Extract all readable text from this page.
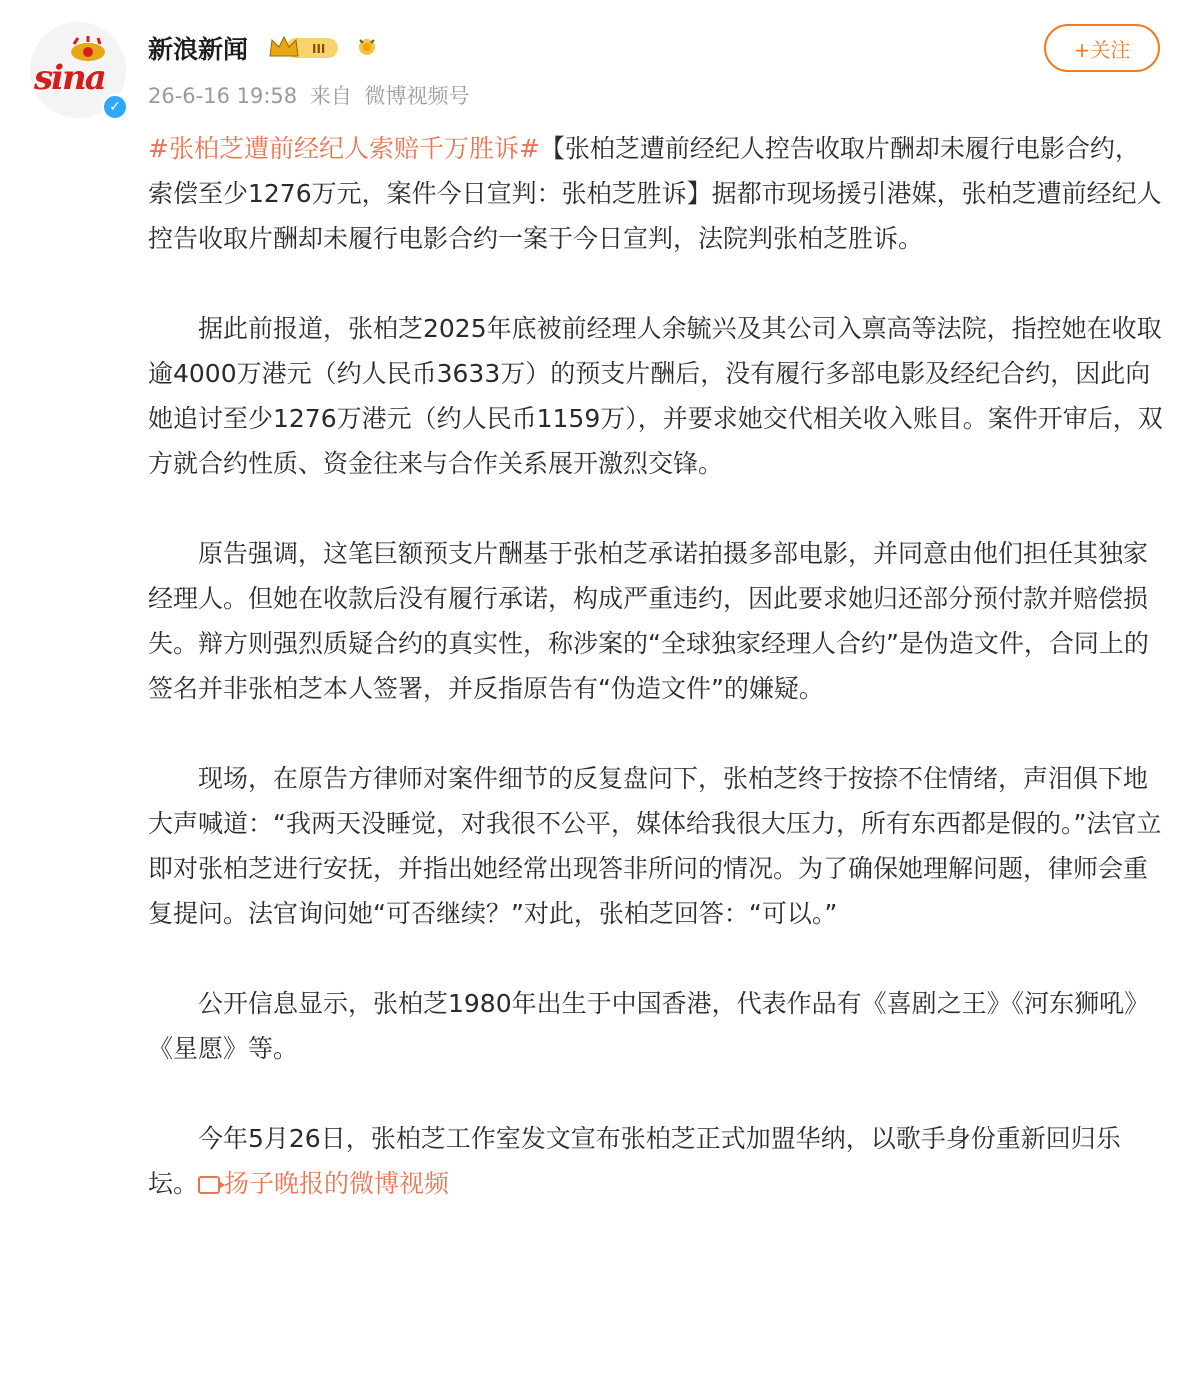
sina
✓
新浪新闻	III
26-6-16 19:58 来自 微博视频号
+关注

#张柏芝遭前经纪人索赔千万胜诉#【张柏芝遭前经纪人控告收取片酬却未履行电影合约，索偿至少1276万元，案件今日宣判：张柏芝胜诉】据都市现场援引港媒，张柏芝遭前经纪人控告收取片酬却未履行电影合约一案于今日宣判，法院判张柏芝胜诉。

据此前报道，张柏芝2025年底被前经理人余毓兴及其公司入禀高等法院，指控她在收取逾4000万港元（约人民币3633万）的预支片酬后，没有履行多部电影及经纪合约，因此向她追讨至少1276万港元（约人民币1159万），并要求她交代相关收入账目。案件开审后，双方就合约性质、资金往来与合作关系展开激烈交锋。

原告强调，这笔巨额预支片酬基于张柏芝承诺拍摄多部电影，并同意由他们担任其独家经理人。但她在收款后没有履行承诺，构成严重违约，因此要求她归还部分预付款并赔偿损失。辩方则强烈质疑合约的真实性，称涉案的“全球独家经理人合约”是伪造文件，合同上的签名并非张柏芝本人签署，并反指原告有“伪造文件”的嫌疑。

现场，在原告方律师对案件细节的反复盘问下，张柏芝终于按捺不住情绪，声泪俱下地大声喊道：“我两天没睡觉，对我很不公平，媒体给我很大压力，所有东西都是假的。”法官立即对张柏芝进行安抚，并指出她经常出现答非所问的情况。为了确保她理解问题，律师会重复提问。法官询问她“可否继续？”对此，张柏芝回答：“可以。”

公开信息显示，张柏芝1980年出生于中国香港，代表作品有《喜剧之王》《河东狮吼》《星愿》等。

今年5月26日，张柏芝工作室发文宣布张柏芝正式加盟华纳，以歌手身份重新回归乐坛。 扬子晚报的微博视频
